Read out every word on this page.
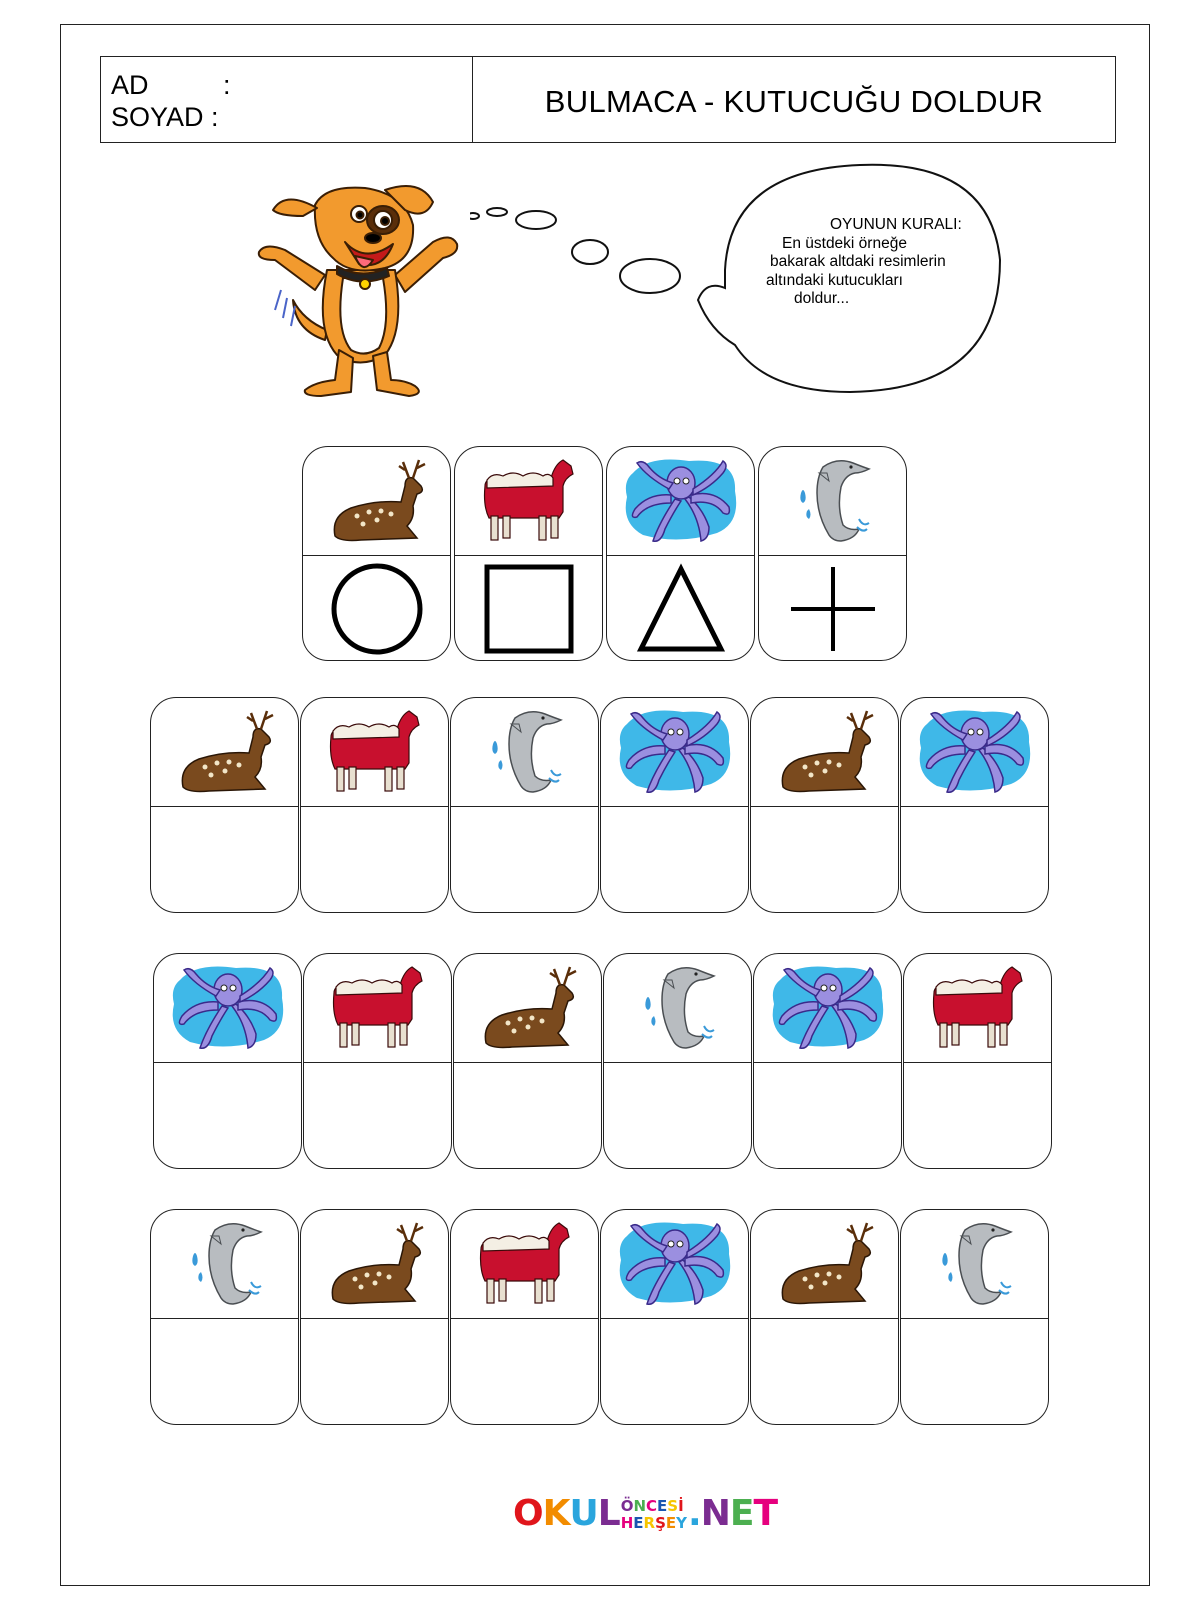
AD	:
SOYAD :	BULMACA - KUTUCUĞU DOLDUR
OYUNUN KURALI:
En üstdeki örneğe
bakarak altdaki resimlerin
altındaki kutucukları
doldur...
O K U L Ö N C E S İ
H E R Ş E Y . N E T
